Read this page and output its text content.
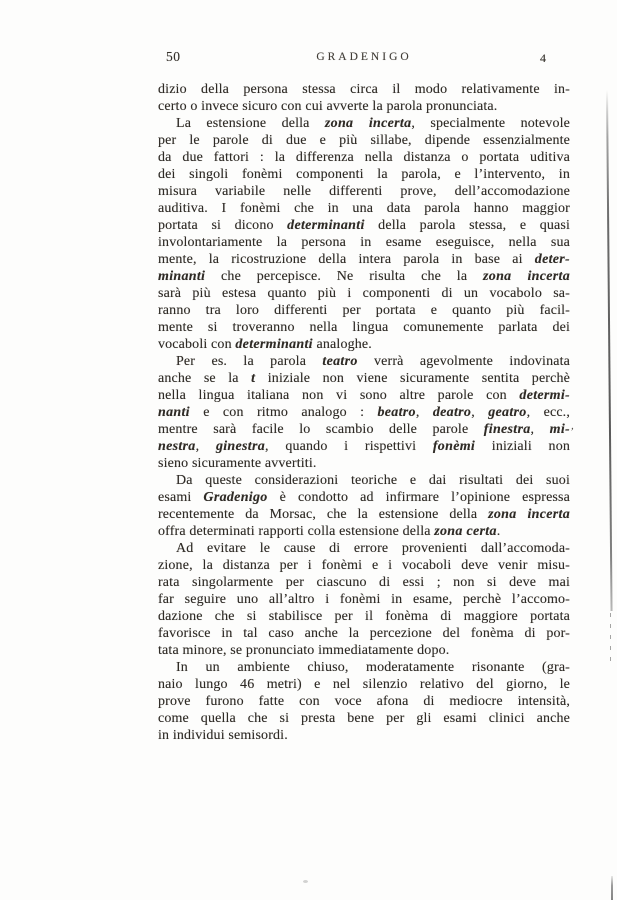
50	GRADENIGO	4
dizio della persona stessa circa il modo relativamente in-
certo o invece sicuro con cui avverte la parola pronunciata.
La estensione della zona incerta, specialmente notevole
per le parole di due e più sillabe, dipende essenzialmente
da due fattori : la differenza nella distanza o portata uditiva
dei singoli fonèmi componenti la parola, e l’intervento, in
misura variabile nelle differenti prove, dell’accomodazione
auditiva. I fonèmi che in una data parola hanno maggior
portata si dicono determinanti della parola stessa, e quasi
involontariamente la persona in esame eseguisce, nella sua
mente, la ricostruzione della intera parola in base ai deter-
minanti che percepisce. Ne risulta che la zona incerta
sarà più estesa quanto più i componenti di un vocabolo sa-
ranno tra loro differenti per portata e quanto più facil-
mente si troveranno nella lingua comunemente parlata dei
vocaboli con determinanti analoghe.
Per es. la parola teatro verrà agevolmente indovinata
anche se la t iniziale non viene sicuramente sentita perchè
nella lingua italiana non vi sono altre parole con determi-
nanti e con ritmo analogo : beatro, deatro, geatro, ecc.,
mentre sarà facile lo scambio delle parole finestra, mi-
nestra, ginestra, quando i rispettivi fonèmi iniziali non
sieno sicuramente avvertiti.
Da queste considerazioni teoriche e dai risultati dei suoi
esami Gradenigo è condotto ad infirmare l’opinione espressa
recentemente da Morsac, che la estensione della zona incerta
offra determinati rapporti colla estensione della zona certa.
Ad evitare le cause di errore provenienti dall’accomoda-
zione, la distanza per i fonèmi e i vocaboli deve venir misu-
rata singolarmente per ciascuno di essi ; non si deve mai
far seguire uno all’altro i fonèmi in esame, perchè l’accomo-
dazione che si stabilisce per il fonèma di maggiore portata
favorisce in tal caso anche la percezione del fonèma di por-
tata minore, se pronunciato immediatamente dopo.
In un ambiente chiuso, moderatamente risonante (gra-
naio lungo 46 metri) e nel silenzio relativo del giorno, le
prove furono fatte con voce afona di mediocre intensità,
come quella che si presta bene per gli esami clinici anche
in individui semisordi.
’
